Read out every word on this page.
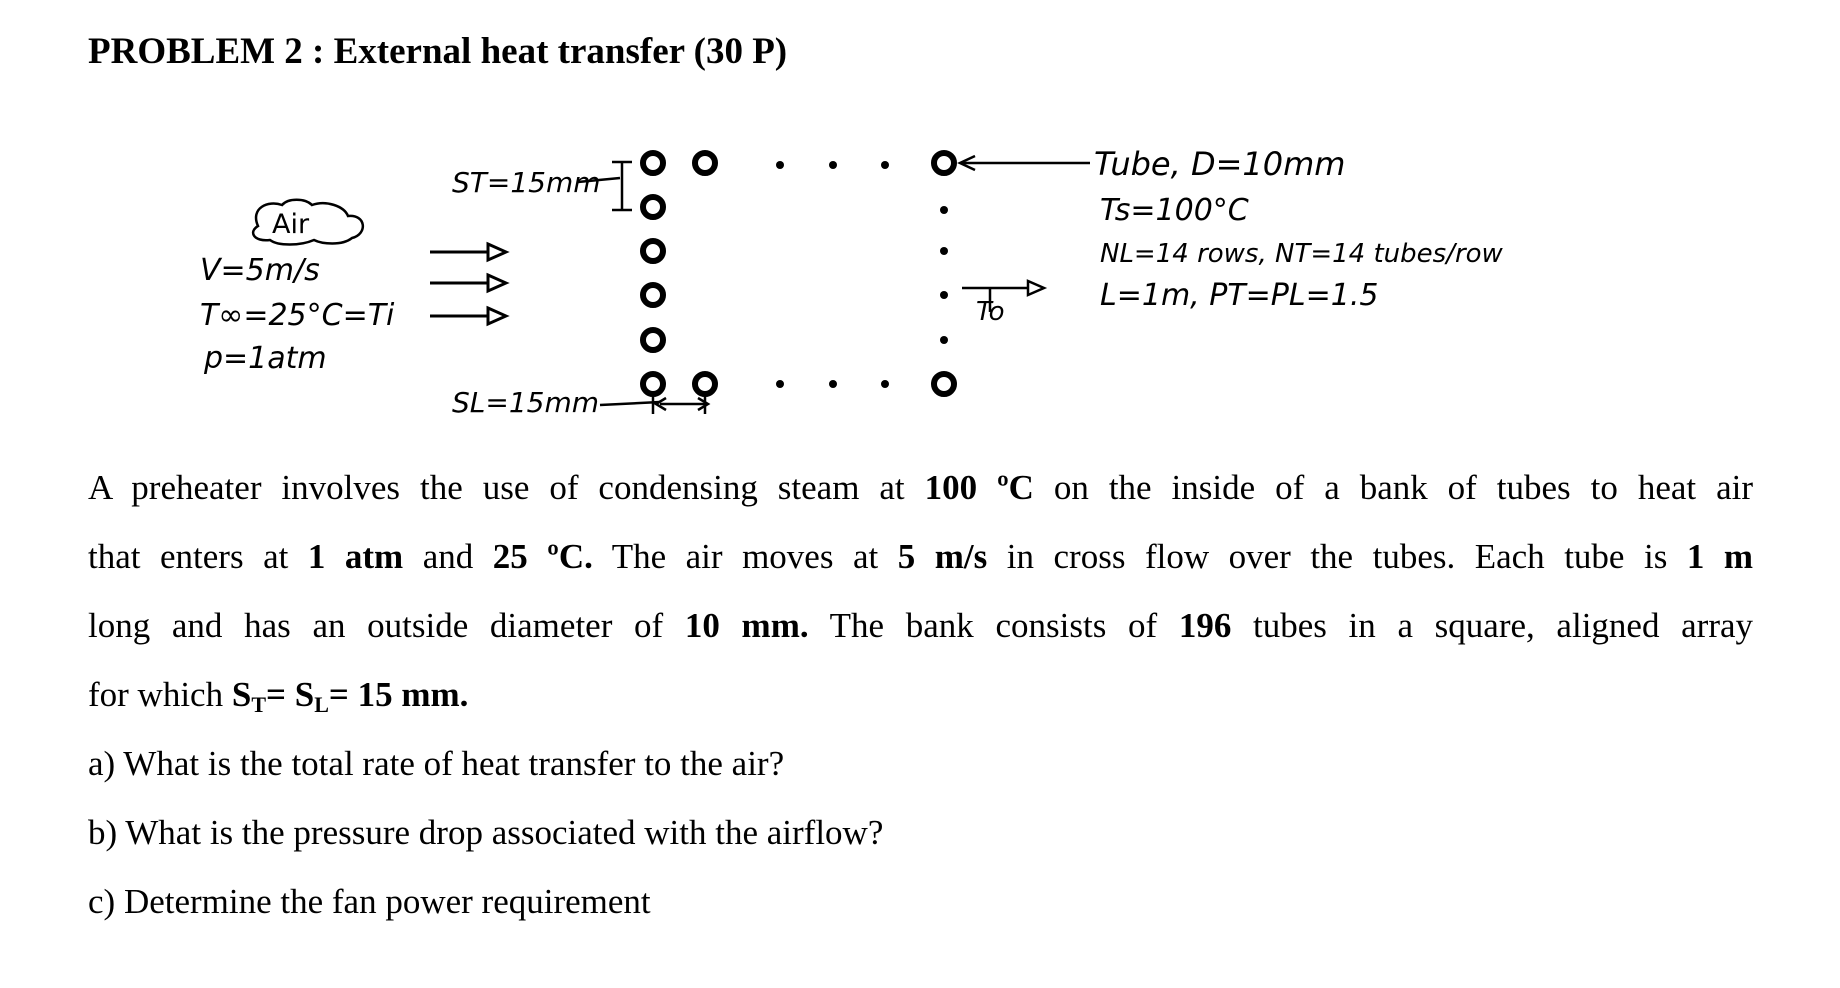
PROBLEM 2 : External heat transfer (30 P)
Air
V=5m/s
T∞=25°C=Ti
p=1atm
ST=15mm
SL=15mm
To
Tube, D=10mm
Ts=100°C
NL=14 rows, NT=14 tubes/row
L=1m, PT=PL=1.5

A preheater involves the use of condensing steam at 100 ºC on the inside of a bank of tubes to heat air

that enters at 1 atm and 25 ºC. The air moves at 5 m/s in cross flow over the tubes. Each tube is 1 m

long and has an outside diameter of 10 mm. The bank consists of 196 tubes in a square, aligned array

for which $S_T= S_L= 15$ mm.

a) What is the total rate of heat transfer to the air?

b) What is the pressure drop associated with the airflow?

c) Determine the fan power requirement
